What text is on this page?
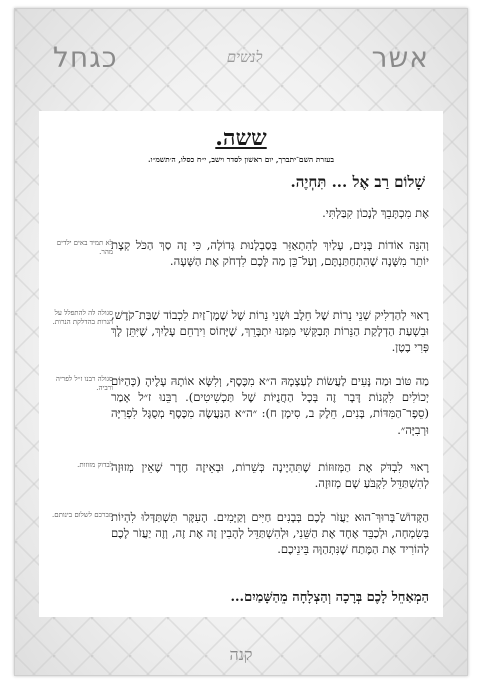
אשר
לנשים
כגחל
ששה.
בעזרת השם־יתברך, יום ראשון לסדר וישב, י״ח כסלו, ה׳תשמ״ו.
שָׁלוֹם רַב אֶל ... תִּחְיֶה.
אֶת מִכְתָּבֵךְ לְנָכוֹן קִבַּלְתִּי.
וְהִנֵּה אוֹדוֹת בָּנִים, עָלַיִךְ לְהִתְאַזֵּר בְּסַבְלָנוּת גְּדוֹלָה, כִּי זֶה סַךְ הַכֹּל קְצָת יוֹתֵר מִשָּׁנָה שֶׁהִתְחַתַּנְתֶּם, וְעַל־כֵּן מַה לָּכֶם לִדְחֹק אֶת הַשָּׁעָה.
לא תמיד באים ילדים מהר.
רָאוּי לְהַדְלִיק שְׁנֵי נֵרוֹת שֶׁל חֵלֶב וּשְׁנֵי נֵרוֹת שֶׁל שֶׁמֶן־זַיִת לִכְבוֹד שַׁבַּת־קֹדֶשׁ, וּבִשְׁעַת הַדְלָקַת הַנֵּרוֹת תְּבַקְּשִׁי מִמְּנוּ יִתְבָּרֵךְ, שֶׁיָּחוֹס וִירַחֵם עָלַיִךְ, שֶׁיִּתֵּן לָךְ פְּרִי בֶטֶן.
סגולה לה להתפלל על הנרות בהדלקת הנרות.
מַה טּוֹב וּמַה נָּעִים לַעֲשׂוֹת לְעַצְמָהּ ה״א מִכֶּסֶף, וְלִשָּׂא אוֹתָהּ עָלֶיהָ (כְּהַיּוֹם יְכוֹלִים לִקְנוֹת דָּבָר זֶה בְּכָל הַחֲנֻיּוֹת שֶׁל תַּכְשִׁיטִים). רַבֵּנוּ ז״ל אָמַר (סֵפֶר־הַמִּדּוֹת, בָּנִים, חֵלֶק ב, סִימָן ח): ״ה״א הַנַּעֲשֶׂה מִכֶּסֶף מְסֻגָּל לִפְרִיָּה וּרְבִיָּה״.
סגולה רבנו ז״ל לפריה ורביה.
רָאוּי לִבְדֹּק אֶת הַמְּזוּזוֹת שֶׁתִּהְיֶינָה כְּשֵׁרוֹת, וּבְאֵיזֶה חֶדֶר שֶׁאֵין מְזוּזָה לְהִשְׁתַּדֵּל לִקְבֹּעַ שָׁם מְזוּזָה.
לבדוק מזוזות.
הַקָּדוֹשׁ־בָּרוּךְ־הוּא יַעֲזֹר לָכֶם בְּבָנִים חַיִּים וְקַיָּמִים. הָעִקָּר תִּשְׁתַּדְּלוּ לִהְיוֹת בְּשִׂמְחָה, וּלְכַבֵּד אֶחָד אֶת הַשֵּׁנִי, וּלְהִשְׁתַּדֵּל לְהָבִין זֶה אֶת זֶה, וְזֶה יַעֲזֹר לָכֶם לְהוֹרִיד אֶת הַמֶּתַח שֶׁנִּתְהַוָּה בֵּינֵיכֶם.
מברכם לשלום בינותם.
הַמְאַחֵל לָכֶם בְּרָכָה וְהַצְלָחָה מֵהַשָּׁמַיִם...
קנה
